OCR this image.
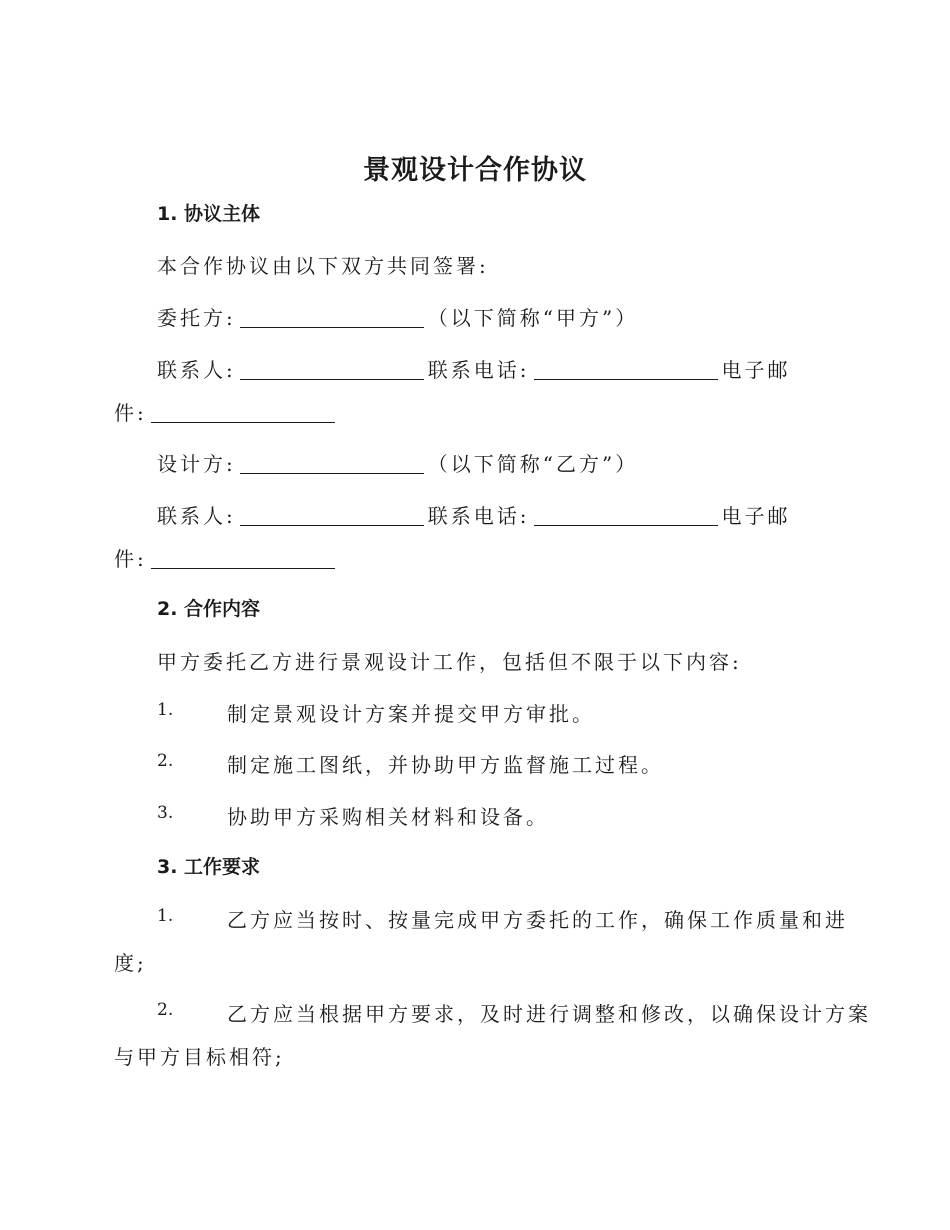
景观设计合作协议
1. 协议主体
本合作协议由以下双方共同签署:
委托方:	（以下简称“甲方”）
联系人:	联系电话:	电子邮
件:
设计方:	（以下简称“乙方”）
联系人:	联系电话:	电子邮
件:
2. 合作内容
甲方委托乙方进行景观设计工作，包括但不限于以下内容:
1.	制定景观设计方案并提交甲方审批。
2.	制定施工图纸，并协助甲方监督施工过程。
3.	协助甲方采购相关材料和设备。
3. 工作要求
1.	乙方应当按时、按量完成甲方委托的工作，确保工作质量和进
度;
2.	乙方应当根据甲方要求，及时进行调整和修改，以确保设计方案
与甲方目标相符;
